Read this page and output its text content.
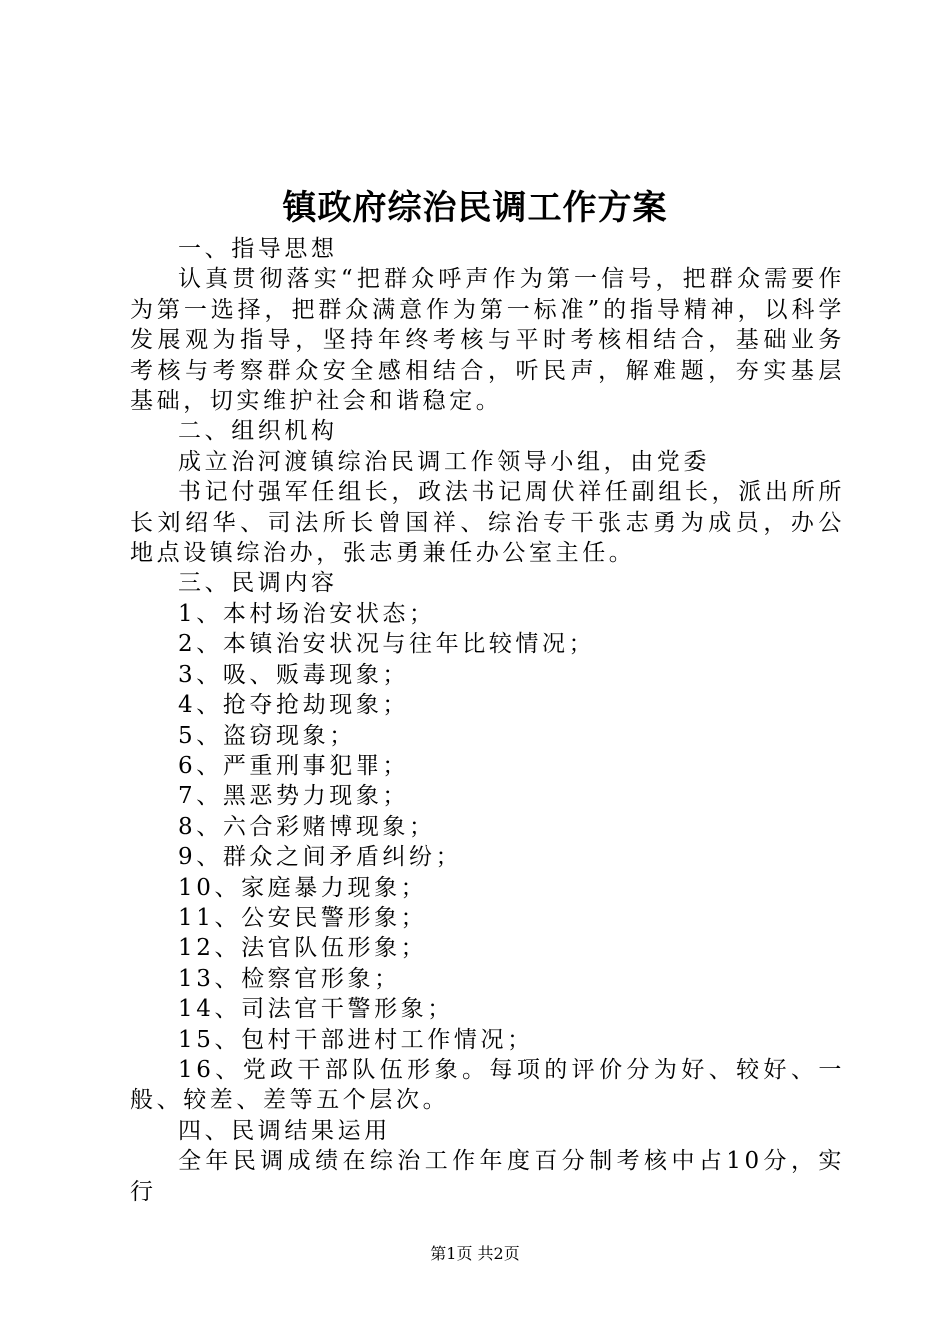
镇政府综治民调工作方案

一、指导思想

认真贯彻落实“把群众呼声作为第一信号，把群众需要作为第一选择，把群众满意作为第一标准”的指导精神，以科学发展观为指导，坚持年终考核与平时考核相结合，基础业务考核与考察群众安全感相结合，听民声，解难题，夯实基层基础，切实维护社会和谐稳定。

二、组织机构

成立治河渡镇综治民调工作领导小组，由党委

书记付强军任组长，政法书记周伏祥任副组长，派出所所长刘绍华、司法所长曾国祥、综治专干张志勇为成员，办公地点设镇综治办，张志勇兼任办公室主任。

三、民调内容

1、本村场治安状态；

2、本镇治安状况与往年比较情况；

3、吸、贩毒现象；

4、抢夺抢劫现象；

5、盗窃现象；

6、严重刑事犯罪；

7、黑恶势力现象；

8、六合彩赌博现象；

9、群众之间矛盾纠纷；

10、家庭暴力现象；

11、公安民警形象；

12、法官队伍形象；

13、检察官形象；

14、司法官干警形象；

15、包村干部进村工作情况；

16、党政干部队伍形象。每项的评价分为好、较好、一般、较差、差等五个层次。

四、民调结果运用

全年民调成绩在综治工作年度百分制考核中占10分，实行

第1页 共2页
